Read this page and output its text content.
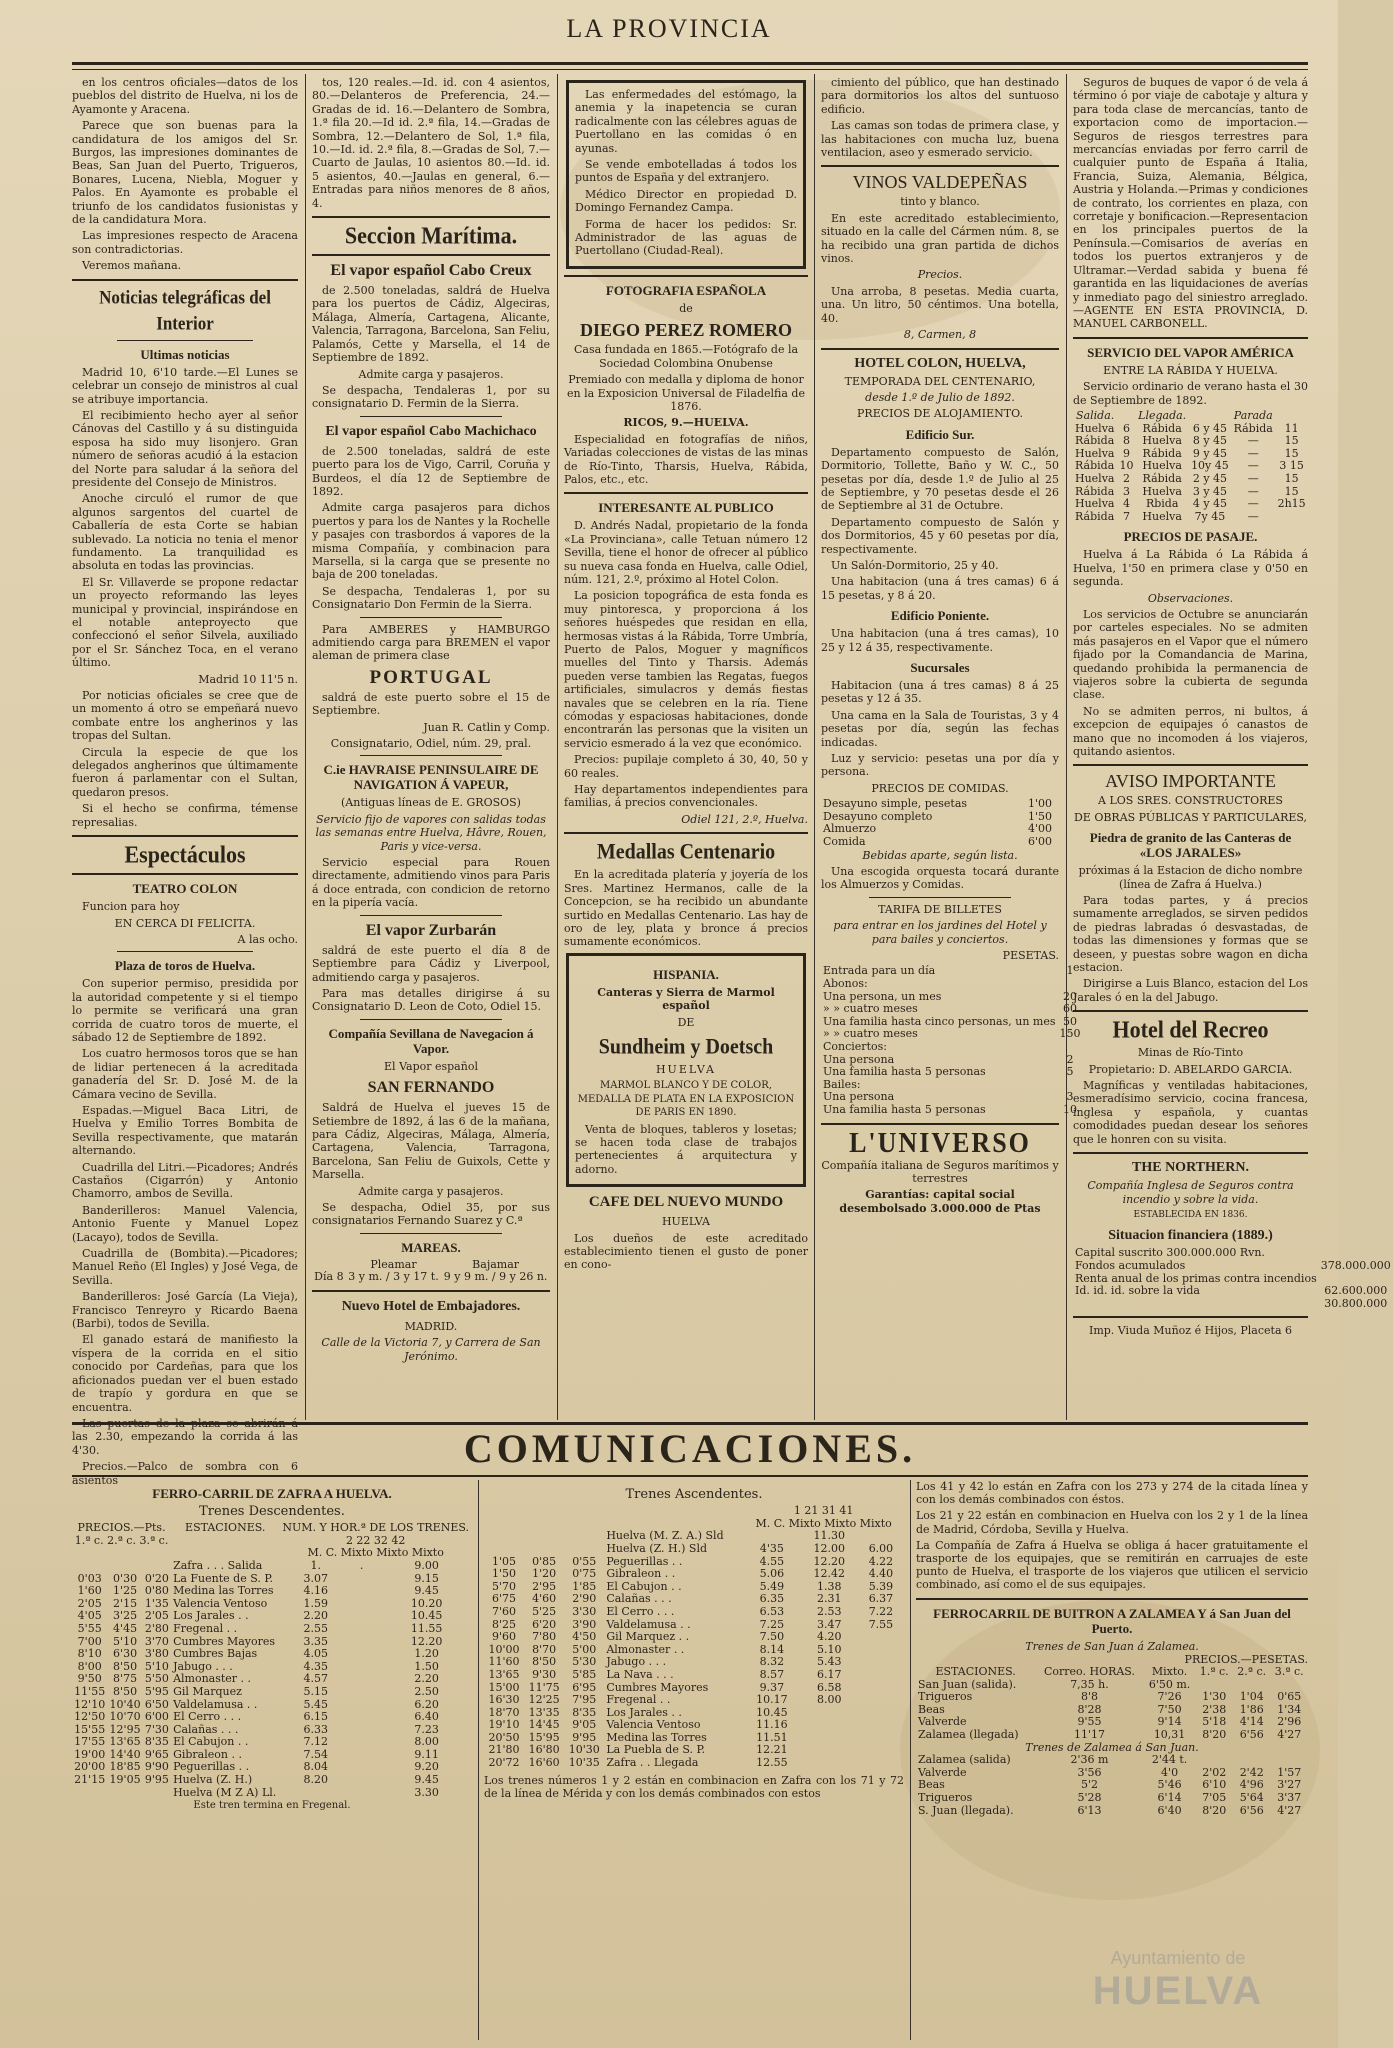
LA PROVINCIA

en los centros oficiales—datos de los pueblos del distrito de Huelva, ni los de Ayamonte y Aracena.

Parece que son buenas para la candidatura de los amigos del Sr. Burgos, las impresiones dominantes de Beas, San Juan del Puerto, Trigueros, Bonares, Lucena, Niebla, Moguer y Palos. En Ayamonte es probable el triunfo de los candidatos fusionistas y de la candidatura Mora.

Las impresiones respecto de Aracena son contradictorias.

Veremos mañana.

Noticias telegráficas del Interior
Ultimas noticias

Madrid 10, 6'10 tarde.—El Lunes se celebrar un consejo de ministros al cual se atribuye importancia.

El recibimiento hecho ayer al señor Cánovas del Castillo y á su distinguida esposa ha sido muy lisonjero. Gran número de señoras acudió á la estacion del Norte para saludar á la señora del presidente del Consejo de Ministros.

Anoche circuló el rumor de que algunos sargentos del cuartel de Caballería de esta Corte se habian sublevado. La noticia no tenia el menor fundamento. La tranquilidad es absoluta en todas las provincias.

El Sr. Villaverde se propone redactar un proyecto reformando las leyes municipal y provincial, inspirándose en el notable anteproyecto que confeccionó el señor Silvela, auxiliado por el Sr. Sánchez Toca, en el verano último.

Madrid 10 11'5 n.

Por noticias oficiales se cree que de un momento á otro se empeñará nuevo combate entre los angherinos y las tropas del Sultan.

Circula la especie de que los delegados angherinos que últimamente fueron á parlamentar con el Sultan, quedaron presos.

Si el hecho se confirma, témense represalias.

Espectáculos
TEATRO COLON

Funcion para hoy

EN CERCA DI FELICITA.

A las ocho.

Plaza de toros de Huelva.

Con superior permiso, presidida por la autoridad competente y si el tiempo lo permite se verificará una gran corrida de cuatro toros de muerte, el sábado 12 de Septiembre de 1892.

Los cuatro hermosos toros que se han de lidiar pertenecen á la acreditada ganadería del Sr. D. José M. de la Cámara vecino de Sevilla.

Espadas.—Miguel Baca Litri, de Huelva y Emilio Torres Bombita de Sevilla respectivamente, que matarán alternando.

Cuadrilla del Litri.—Picadores; Andrés Castaños (Cigarrón) y Antonio Chamorro, ambos de Sevilla.

Banderilleros: Manuel Valencia, Antonio Fuente y Manuel Lopez (Lacayo), todos de Sevilla.

Cuadrilla de (Bombita).—Picadores; Manuel Reño (El Ingles) y José Vega, de Sevilla.

Banderilleros: José García (La Vieja), Francisco Tenreyro y Ricardo Baena (Barbi), todos de Sevilla.

El ganado estará de manifiesto la víspera de la corrida en el sitio conocido por Cardeñas, para que los aficionados puedan ver el buen estado de trapío y gordura en que se encuentra.

Las puertas de la plaza se abrirán á las 2.30, empezando la corrida á las 4'30.

Precios.—Palco de sombra con 6 asientos

tos, 120 reales.—Id. id. con 4 asientos, 80.—Delanteros de Preferencia, 24.—Gradas de id. 16.—Delantero de Sombra, 1.ª fila 20.—Id id. 2.ª fila, 14.—Gradas de Sombra, 12.—Delantero de Sol, 1.ª fila, 10.—Id. id. 2.ª fila, 8.—Gradas de Sol, 7.—Cuarto de Jaulas, 10 asientos 80.—Id. id. 5 asientos, 40.—Jaulas en general, 6.—Entradas para niños menores de 8 años, 4.

Seccion Marítima.
El vapor español Cabo Creux

de 2.500 toneladas, saldrá de Huelva para los puertos de Cádiz, Algeciras, Málaga, Almería, Cartagena, Alicante, Valencia, Tarragona, Barcelona, San Feliu, Palamós, Cette y Marsella, el 14 de Septiembre de 1892.

Admite carga y pasajeros.

Se despacha, Tendaleras 1, por su consignatario D. Fermin de la Sierra.

El vapor español Cabo Machichaco

de 2.500 toneladas, saldrá de este puerto para los de Vigo, Carril, Coruña y Burdeos, el día 12 de Septiembre de 1892.

Admite carga pasajeros para dichos puertos y para los de Nantes y la Rochelle y pasajes con trasbordos á vapores de la misma Compañía, y combinacion para Marsella, si la carga que se presente no baja de 200 toneladas.

Se despacha, Tendaleras 1, por su Consignatario Don Fermin de la Sierra.

Para AMBERES y HAMBURGO admitiendo carga para BREMEN el vapor aleman de primera clase

PORTUGAL

saldrá de este puerto sobre el 15 de Septiembre.

Juan R. Catlin y Comp.

Consignatario, Odiel, núm. 29, pral.

C.ie HAVRAISE PENINSULAIRE DE NAVIGATION Á VAPEUR,

(Antiguas líneas de E. GROSOS)

Servicio fijo de vapores con salidas todas las semanas entre Huelva, Hâvre, Rouen, Paris y vice-versa.

Servicio especial para Rouen directamente, admitiendo vinos para Paris á doce entrada, con condicion de retorno en la pipería vacía.

El vapor Zurbarán

saldrá de este puerto el día 8 de Septiembre para Cádiz y Liverpool, admitiendo carga y pasajeros.

Para mas detalles dirigirse á su Consignatario D. Leon de Coto, Odiel 15.

Compañía Sevillana de Navegacion á Vapor.

El Vapor español

SAN FERNANDO

Saldrá de Huelva el jueves 15 de Setiembre de 1892, á las 6 de la mañana, para Cádiz, Algeciras, Málaga, Almería, Cartagena, Valencia, Tarragona, Barcelona, San Feliu de Guixols, Cette y Marsella.

Admite carga y pasajeros.

Se despacha, Odiel 35, por sus consignatarios Fernando Suarez y C.ª

MAREAS.
	Pleamar	Bajamar
Día 8	3 y m. / 3 y 17 t.	9 y 9 m. / 9 y 26 n.
Nuevo Hotel de Embajadores.

MADRID.

Calle de la Victoria 7, y Carrera de San Jerónimo.

Las enfermedades del estómago, la anemia y la inapetencia se curan radicalmente con las célebres aguas de Puertollano en las comidas ó en ayunas.

Se vende embotelladas á todos los puntos de España y del extranjero.

Médico Director en propiedad D. Domingo Fernandez Campa.

Forma de hacer los pedidos: Sr. Administrador de las aguas de Puertollano (Ciudad-Real).

FOTOGRAFIA ESPAÑOLA

de

DIEGO PEREZ ROMERO

Casa fundada en 1865.—Fotógrafo de la Sociedad Colombina Onubense

Premiado con medalla y diploma de honor en la Exposicion Universal de Filadelfia de 1876.

RICOS, 9.—HUELVA.

Especialidad en fotografías de niños, Variadas colecciones de vistas de las minas de Río-Tinto, Tharsis, Huelva, Rábida, Palos, etc., etc.

INTERESANTE AL PUBLICO

D. Andrés Nadal, propietario de la fonda «La Provinciana», calle Tetuan número 12 Sevilla, tiene el honor de ofrecer al público su nueva casa fonda en Huelva, calle Odiel, núm. 121, 2.º, próximo al Hotel Colon.

La posicion topográfica de esta fonda es muy pintoresca, y proporciona á los señores huéspedes que residan en ella, hermosas vistas á la Rábida, Torre Umbría, Puerto de Palos, Moguer y magníficos muelles del Tinto y Tharsis. Además pueden verse tambien las Regatas, fuegos artificiales, simulacros y demás fiestas navales que se celebren en la ría. Tiene cómodas y espaciosas habitaciones, donde encontrarán las personas que la visiten un servicio esmerado á la vez que económico.

Precios: pupilaje completo á 30, 40, 50 y 60 reales.

Hay departamentos independientes para familias, á precios convencionales.

Odiel 121, 2.º, Huelva.

Medallas Centenario

En la acreditada platería y joyería de los Sres. Martinez Hermanos, calle de la Concepcion, se ha recibido un abundante surtido en Medallas Centenario. Las hay de oro de ley, plata y bronce á precios sumamente económicos.

HISPANIA.

Canteras y Sierra de Marmol español

DE

Sundheim y Doetsch

HUELVA

MARMOL BLANCO Y DE COLOR, MEDALLA DE PLATA EN LA EXPOSICION DE PARIS EN 1890.

Venta de bloques, tableros y losetas; se hacen toda clase de trabajos pertenecientes á arquitectura y adorno.

CAFE DEL NUEVO MUNDO

HUELVA

Los dueños de este acreditado establecimiento tienen el gusto de poner en cono-

cimiento del público, que han destinado para dormitorios los altos del suntuoso edificio.

Las camas son todas de primera clase, y las habitaciones con mucha luz, buena ventilacion, aseo y esmerado servicio.

VINOS VALDEPEÑAS

tinto y blanco.

En este acreditado establecimiento, situado en la calle del Cármen núm. 8, se ha recibido una gran partida de dichos vinos.

Precios.

Una arroba, 8 pesetas. Media cuarta, una. Un litro, 50 céntimos. Una botella, 40.

8, Carmen, 8

HOTEL COLON, HUELVA,

TEMPORADA DEL CENTENARIO,

desde 1.º de Julio de 1892.

PRECIOS DE ALOJAMIENTO.

Edificio Sur.

Departamento compuesto de Salón, Dormitorio, Tollette, Baño y W. C., 50 pesetas por día, desde 1.º de Julio al 25 de Septiembre, y 70 pesetas desde el 26 de Septiembre al 31 de Octubre.

Departamento compuesto de Salón y dos Dormitorios, 45 y 60 pesetas por día, respectivamente.

Un Salón-Dormitorio, 25 y 40.

Una habitacion (una á tres camas) 6 á 15 pesetas, y 8 á 20.

Edificio Poniente.

Una habitacion (una á tres camas), 10 25 y 12 á 35, respectivamente.

Sucursales

Habitacion (una á tres camas) 8 á 25 pesetas y 12 á 35.

Una cama en la Sala de Touristas, 3 y 4 pesetas por día, según las fechas indicadas.

Luz y servicio: pesetas una por día y persona.

PRECIOS DE COMIDAS.

Desayuno simple, pesetas	1'00
Desayuno completo	1'50
Almuerzo	4'00
Comida	6'00

Bebidas aparte, según lista.

Una escogida orquesta tocará durante los Almuerzos y Comidas.

TARIFA DE BILLETES

para entrar en los jardines del Hotel y para bailes y conciertos.

PESETAS.

Entrada para un día	1
Abonos:	
Una persona, un mes	20
» » cuatro meses	60
Una familia hasta cinco personas, un mes	50
» » cuatro meses	150
Conciertos:	
Una persona	2
Una familia hasta 5 personas	5
Bailes:	
Una persona	3
Una familia hasta 5 personas	10
L'UNIVERSO

Compañía italiana de Seguros marítimos y terrestres

Garantías: capital social desembolsado 3.000.000 de Ptas

Seguros de buques de vapor ó de vela á término ó por viaje de cabotaje y altura y para toda clase de mercancías, tanto de exportacion como de importacion.—Seguros de riesgos terrestres para mercancías enviadas por ferro carril de cualquier punto de España á Italia, Francia, Suiza, Alemania, Bélgica, Austria y Holanda.—Primas y condiciones de contrato, los corrientes en plaza, con corretaje y bonificacion.—Representacion en los principales puertos de la Península.—Comisarios de averías en todos los puertos extranjeros y de Ultramar.—Verdad sabida y buena fé garantida en las liquidaciones de averías y inmediato pago del siniestro arreglado.—AGENTE EN ESTA PROVINCIA, D. MANUEL CARBONELL.

SERVICIO DEL VAPOR AMÉRICA

ENTRE LA RÁBIDA Y HUELVA.

Servicio ordinario de verano hasta el 30 de Septiembre de 1892.

Salida.		Llegada.		Parada	
Huelva	6	Rábida	6 y 45	Rábida	11
Rábida	8	Huelva	8 y 45	—	15
Huelva	9	Rábida	9 y 45	—	15
Rábida	10	Huelva	10y 45	—	3 15
Huelva	2	Rábida	2 y 45	—	15
Rábida	3	Huelva	3 y 45	—	15
Huelva	4	Rbida	4 y 45	—	2h15
Rábida	7	Huelva	7y 45	—	
PRECIOS DE PASAJE.

Huelva á La Rábida ó La Rábida á Huelva, 1'50 en primera clase y 0'50 en segunda.

Observaciones.

Los servicios de Octubre se anunciarán por carteles especiales. No se admiten más pasajeros en el Vapor que el número fijado por la Comandancia de Marina, quedando prohibida la permanencia de viajeros sobre la cubierta de segunda clase.

No se admiten perros, ni bultos, á excepcion de equipajes ó canastos de mano que no incomoden á los viajeros, quitando asientos.

AVISO IMPORTANTE

A LOS SRES. CONSTRUCTORES

DE OBRAS PÚBLICAS Y PARTICULARES,

Piedra de granito de las Canteras de «LOS JARALES»

próximas á la Estacion de dicho nombre (línea de Zafra á Huelva.)

Para todas partes, y á precios sumamente arreglados, se sirven pedidos de piedras labradas ó desvastadas, de todas las dimensiones y formas que se deseen, y puestas sobre wagon en dicha estacion.

Dirigirse a Luis Blanco, estacion del Los Jarales ó en la del Jabugo.

Hotel del Recreo

Minas de Río-Tinto

Propietario: D. ABELARDO GARCIA.

Magníficas y ventiladas habitaciones, esmeradísimo servicio, cocina francesa, inglesa y española, y cuantas comodidades puedan desear los señores que le honren con su visita.

THE NORTHERN.

Compañía Inglesa de Seguros contra incendio y sobre la vida.

ESTABLECIDA EN 1836.

Situacion financiera (1889.)
Capital suscrito 300.000.000 Rvn.	
Fondos acumulados	378.000.000
Renta anual de los primas contra incendios	
Id. id. id. sobre la vida	62.600.000
	30.800.000

Imp. Viuda Muñoz é Hijos, Placeta 6

COMUNICACIONES.
FERRO-CARRIL DE ZAFRA A HUELVA.
Trenes Descendentes.
PRECIOS.—Pts.			ESTACIONES.	NUM. Y HOR.ª DE LOS TRENES.			
1.ª c. 2.ª c. 3.ª c.				2 22 32 42			
				M. C. Mixto Mixto Mixto			
			Zafra . . . Salida	1.	.		9.00
0'03	0'30	0'20	La Fuente de S. P.	3.07			9.15
1'60	1'25	0'80	Medina las Torres	4.16			9.45
2'05	2'15	1'35	Valencia Ventoso	1.59			10.20
4'05	3'25	2'05	Los Jarales . .	2.20			10.45
5'55	4'45	2'80	Fregenal . .	2.55			11.55
7'00	5'10	3'70	Cumbres Mayores	3.35			12.20
8'10	6'30	3'80	Cumbres Bajas	4.05			1.20
8'00	8'50	5'10	Jabugo . . .	4.35			1.50
9'50	8'75	5'50	Almonaster . .	4.57			2.20
11'55	8'50	5'95	Gil Marquez	5.15			2.50
12'10	10'40	6'50	Valdelamusa . .	5.45			6.20
12'50	10'70	6'00	El Cerro . . .	6.15			6.40
15'55	12'95	7'30	Calañas . . .	6.33			7.23
17'55	13'65	8'35	El Cabujon . .	7.12			8.00
19'00	14'40	9'65	Gibraleon . .	7.54			9.11
20'00	18'85	9'90	Peguerillas . .	8.04			9.20
21'15	19'05	9'95	Huelva (Z. H.)	8.20			9.45
			Huelva (M Z A) Ll.				3.30
Este tren termina en Fregenal.
Trenes Ascendentes.
				1 21 31 41		
				M. C. Mixto Mixto Mixto		
			Huelva (M. Z. A.) Sld		11.30	
			Huelva (Z. H.) Sld	4'35	12.00	6.00
1'05	0'85	0'55	Peguerillas . .	4.55	12.20	4.22
1'50	1'20	0'75	Gibraleon . .	5.06	12.42	4.40
5'70	2'95	1'85	El Cabujon . .	5.49	1.38	5.39
6'75	4'60	2'90	Calañas . . .	6.35	2.31	6.37
7'60	5'25	3'30	El Cerro . . .	6.53	2.53	7.22
8'25	6'20	3'90	Valdelamusa . .	7.25	3.47	7.55
9'60	7'80	4'50	Gil Marquez . .	7.50	4.20	
10'00	8'70	5'00	Almonaster . .	8.14	5.10	
11'60	8'50	5'30	Jabugo . . .	8.32	5.43	
13'65	9'30	5'85	La Nava . . .	8.57	6.17	
15'00	11'75	6'95	Cumbres Mayores	9.37	6.58	
16'30	12'25	7'95	Fregenal . .	10.17	8.00	
18'70	13'35	8'35	Los Jarales . .	10.45		
19'10	14'45	9'05	Valencia Ventoso	11.16		
20'50	15'95	9'95	Medina las Torres	11.51		
21'80	16'80	10'30	La Puebla de S. P.	12.21		
20'72	16'60	10'35	Zafra . . Llegada	12.55		

Los trenes números 1 y 2 están en combinacion en Zafra con los 71 y 72 de la línea de Mérida y con los demás combinados con estos

Los 41 y 42 lo están en Zafra con los 273 y 274 de la citada línea y con los demás combinados con éstos.

Los 21 y 22 están en combinacion en Huelva con los 2 y 1 de la línea de Madrid, Córdoba, Sevilla y Huelva.

La Compañía de Zafra á Huelva se obliga á hacer gratuitamente el trasporte de los equipajes, que se remitirán en carruajes de este punto de Huelva, el trasporte de los viajeros que utilicen el servicio combinado, así como el de sus equipajes.

FERROCARRIL DE BUITRON A ZALAMEA Y á San Juan del Puerto.
Trenes de San Juan á Zalamea.
PRECIOS.—PESETAS.
ESTACIONES.	Correo. HORAS.	Mixto.	1.ª c.	2.ª c.	3.ª c.
San Juan (salida).	7,35 h.	6'50 m.			
Trigueros	8'8	7'26	1'30	1'04	0'65
Beas	8'28	7'50	2'38	1'86	1'34
Valverde	9'55	9'14	5'18	4'14	2'96
Zalamea (llegada)	11'17	10,31	8'20	6'56	4'27
Trenes de Zalamea á San Juan.					
Zalamea (salida)	2'36 m	2'44 t.			
Valverde	3'56	4'0	2'02	2'42	1'57
Beas	5'2	5'46	6'10	4'96	3'27
Trigueros	5'28	6'14	7'05	5'64	3'37
S. Juan (llegada).	6'13	6'40	8'20	6'56	4'27
Ayuntamiento de
HUELVA
